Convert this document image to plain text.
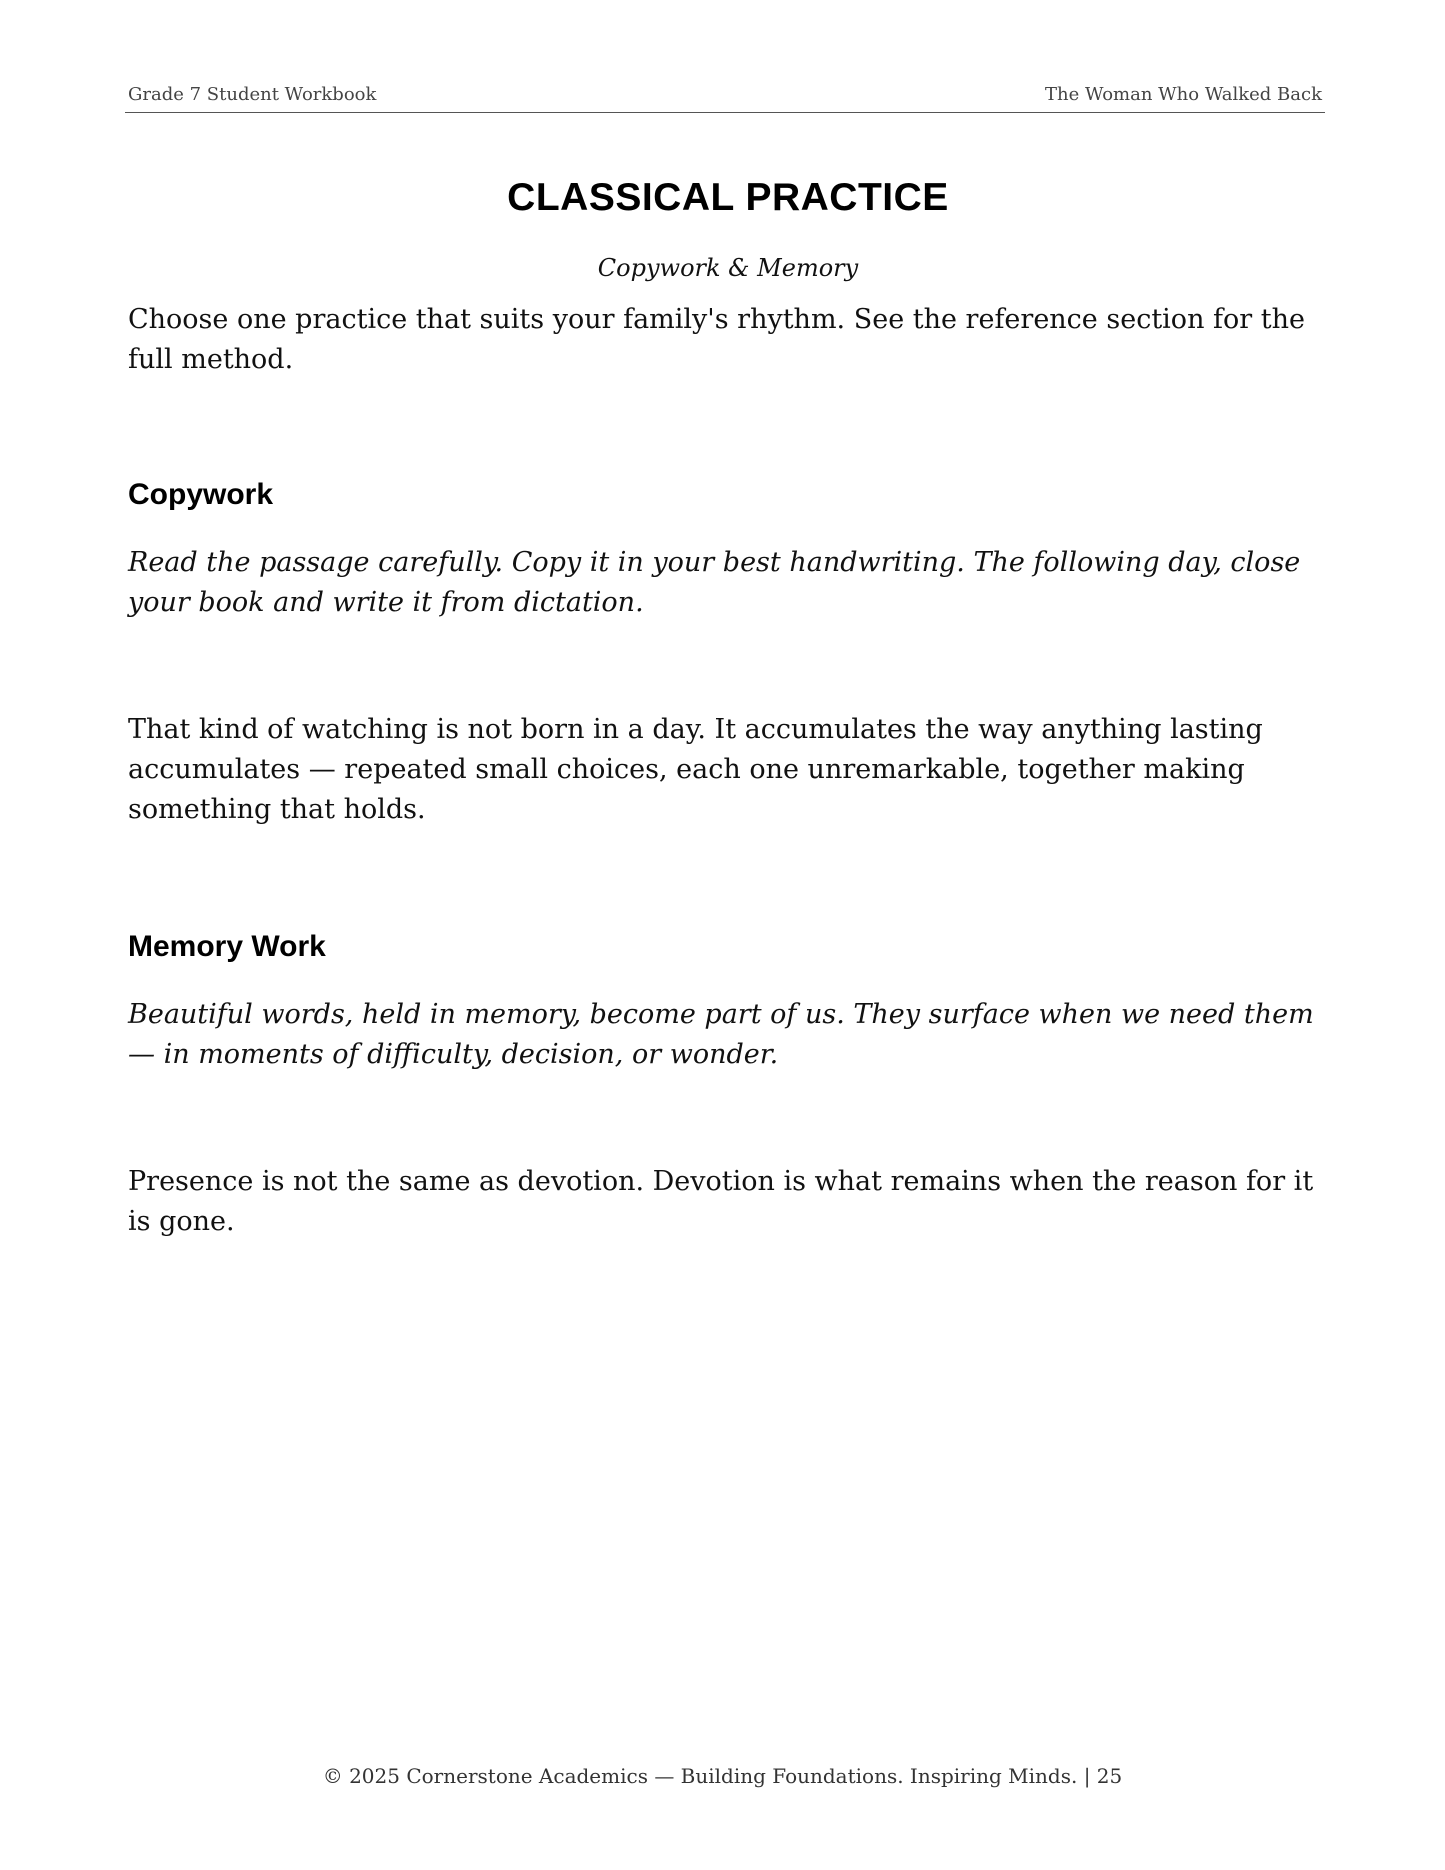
Grade 7 Student Workbook	The Woman Who Walked Back
CLASSICAL PRACTICE
Copywork & Memory

Choose one practice that suits your family's rhythm. See the reference section for the full method.

Copywork

Read the passage carefully. Copy it in your best handwriting. The following day, close your book and write it from dictation.

That kind of watching is not born in a day. It accumulates the way anything lasting accumulates — repeated small choices, each one unremarkable, together making something that holds.

Memory Work

Beautiful words, held in memory, become part of us. They surface when we need them — in moments of difficulty, decision, or wonder.

Presence is not the same as devotion. Devotion is what remains when the reason for it is gone.

© 2025 Cornerstone Academics — Building Foundations. Inspiring Minds. | 25
